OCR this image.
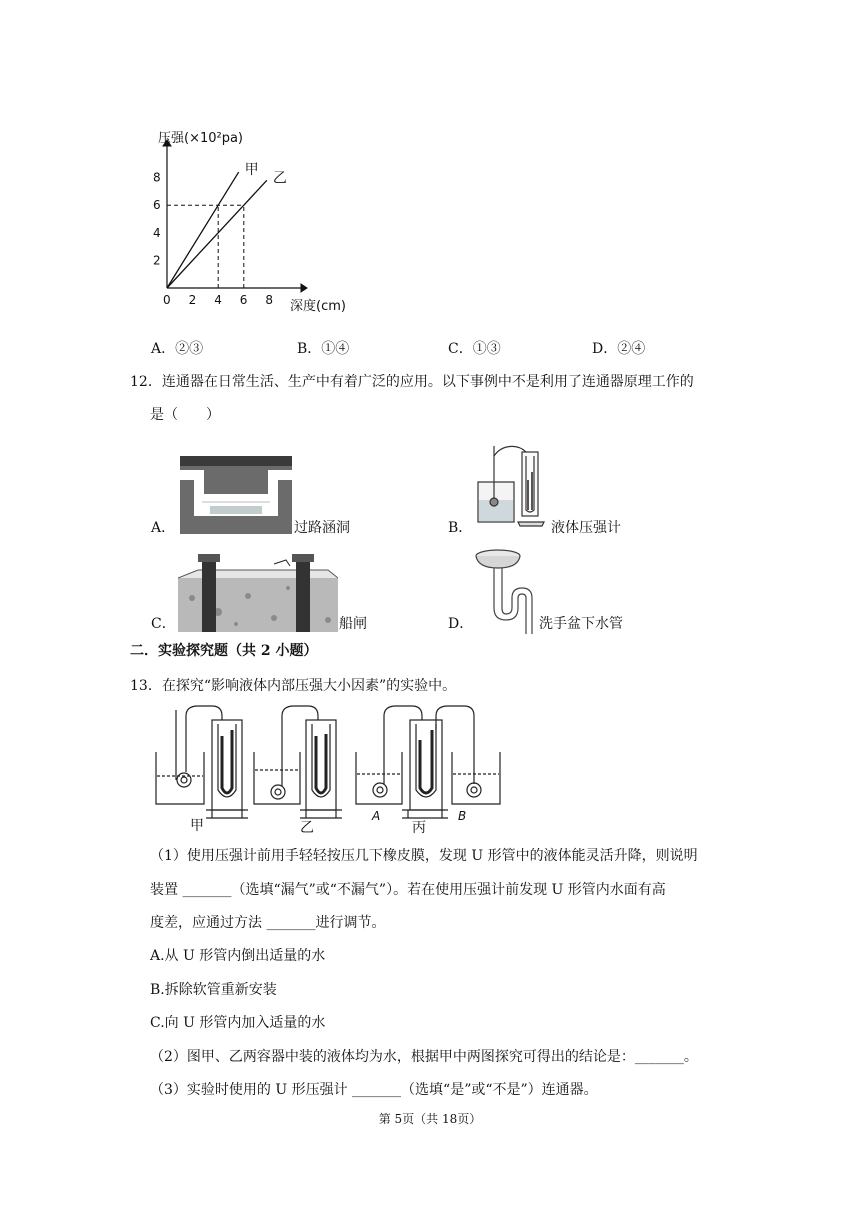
0 2 4 6 8
2
4
6
8	甲
乙
压强(×10²pa)
深度(cm)
A．②③	B．①④	C．①③	D．②④
12．连通器在日常生活、生产中有着广泛的应用。以下事例中不是利用了连通器原理工作的
是（　　）
A．	过路涵洞	B．	液体压强计
C．	船闸	D．	洗手盆下水管
二．实验探究题（共 2 小题）
13．在探究“影响液体内部压强大小因素”的实验中。
甲	乙
A
丙
B
（1）使用压强计前用手轻轻按压几下橡皮膜，发现 U 形管中的液体能灵活升降，则说明
装置 _______（选填“漏气”或“不漏气”）。若在使用压强计前发现 U 形管内水面有高
度差，应通过方法 _______进行调节。
A.从 U 形管内倒出适量的水
B.拆除软管重新安装
C.向 U 形管内加入适量的水
（2）图甲、乙两容器中装的液体均为水，根据甲中两图探究可得出的结论是：_______。
（3）实验时使用的 U 形压强计 _______（选填“是”或“不是”）连通器。
第 5页（共 18页）
